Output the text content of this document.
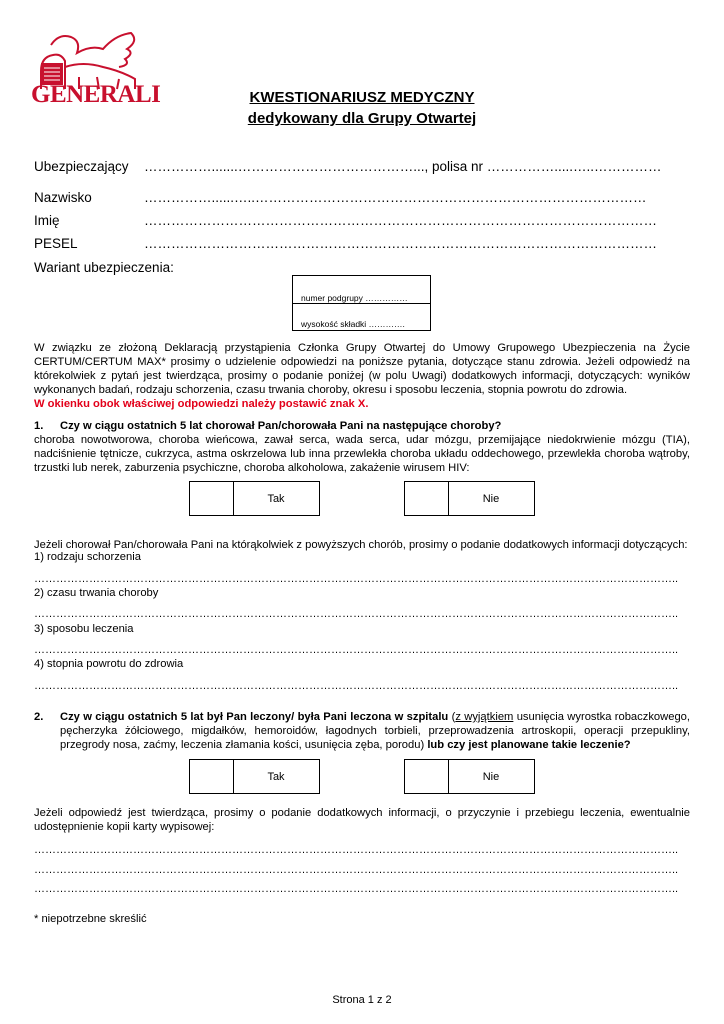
GENERALI	KWESTIONARIUSZ MEDYCZNY
dedykowany dla Grupy Otwartej
Ubezpieczający …………….......…………………………………..., polisa nr …………….....…..……………
Nazwisko	……………......…..……………………………………………………………………………
Imię	……………………………………………………………………………………………………
PESEL	……………………………………………………………………………………………………
Wariant ubezpieczenia:
numer podgrupy ……………
wysokość składki ………….
W związku ze złożoną Deklaracją przystąpienia Członka Grupy Otwartej do Umowy Grupowego Ubezpieczenia na Życie CERTUM/CERTUM MAX* prosimy o udzielenie odpowiedzi na poniższe pytania, dotyczące stanu zdrowia. Jeżeli odpowiedź na którekolwiek z pytań jest twierdząca, prosimy o podanie poniżej (w polu Uwagi) dodatkowych informacji, dotyczących: wyników wykonanych badań, rodzaju schorzenia, czasu trwania choroby, okresu i sposobu leczenia, stopnia powrotu do zdrowia.
W okienku obok właściwej odpowiedzi należy postawić znak X.
1. Czy w ciągu ostatnich 5 lat chorował Pan/chorowała Pani na następujące choroby?
choroba nowotworowa, choroba wieńcowa, zawał serca, wada serca, udar mózgu, przemijające niedokrwienie mózgu (TIA), nadciśnienie tętnicze, cukrzyca, astma oskrzelowa lub inna przewlekła choroba układu oddechowego, przewlekła choroba wątroby, trzustki lub nerek, zaburzenia psychiczne, choroba alkoholowa, zakażenie wirusem HIV:
Tak	Nie
Jeżeli chorował Pan/chorowała Pani na którąkolwiek z powyższych chorób, prosimy o podanie dodatkowych informacji dotyczących:
1) rodzaju schorzenia
…………………………………………………………………………………………………………………………………………………………..
2) czasu trwania choroby
…………………………………………………………………………………………………………………………………………………………..
3) sposobu leczenia
…………………………………………………………………………………………………………………………………………………………..
4) stopnia powrotu do zdrowia
…………………………………………………………………………………………………………………………………………………………..
2. Czy w ciągu ostatnich 5 lat był Pan leczony/ była Pani leczona w szpitalu (z wyjątkiem usunięcia wyrostka robaczkowego, pęcherzyka żółciowego, migdałków, hemoroidów, łagodnych torbieli, przeprowadzenia artroskopii, operacji przepukliny, przegrody nosa, zaćmy, leczenia złamania kości, usunięcia zęba, porodu) lub czy jest planowane takie leczenie?
Tak	Nie
Jeżeli odpowiedź jest twierdząca, prosimy o podanie dodatkowych informacji, o przyczynie i przebiegu leczenia, ewentualnie udostępnienie kopii karty wypisowej:
…………………………………………………………………………………………………………………………………………………………..
…………………………………………………………………………………………………………………………………………………………..
…………………………………………………………………………………………………………………………………………………………..
* niepotrzebne skreślić
Strona 1 z 2
